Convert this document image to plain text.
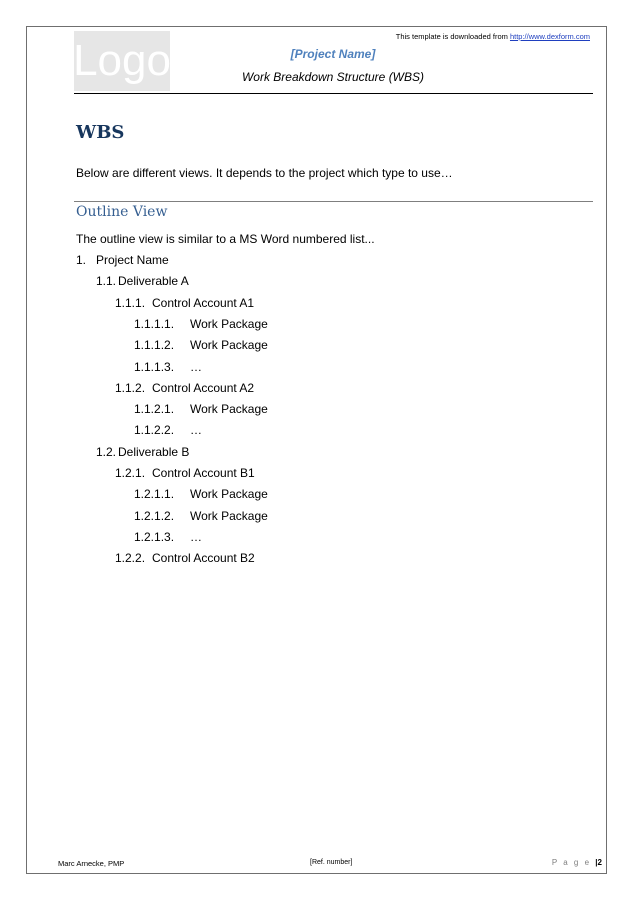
This template is downloaded from http://www.dexform.com
Logo	[Project Name]
Work Breakdown Structure (WBS)
WBS
Below are different views. It depends to the project which type to use…
Outline View
The outline view is similar to a MS Word numbered list...
1. Project Name
1.1. Deliverable A
1.1.1. Control Account A1
1.1.1.1. Work Package
1.1.1.2. Work Package
1.1.1.3. …
1.1.2. Control Account A2
1.1.2.1. Work Package
1.1.2.2. …
1.2. Deliverable B
1.2.1. Control Account B1
1.2.1.1. Work Package
1.2.1.2. Work Package
1.2.1.3. …
1.2.2. Control Account B2
Marc Arnecke, PMP	[Ref. number]	P a g e |2
